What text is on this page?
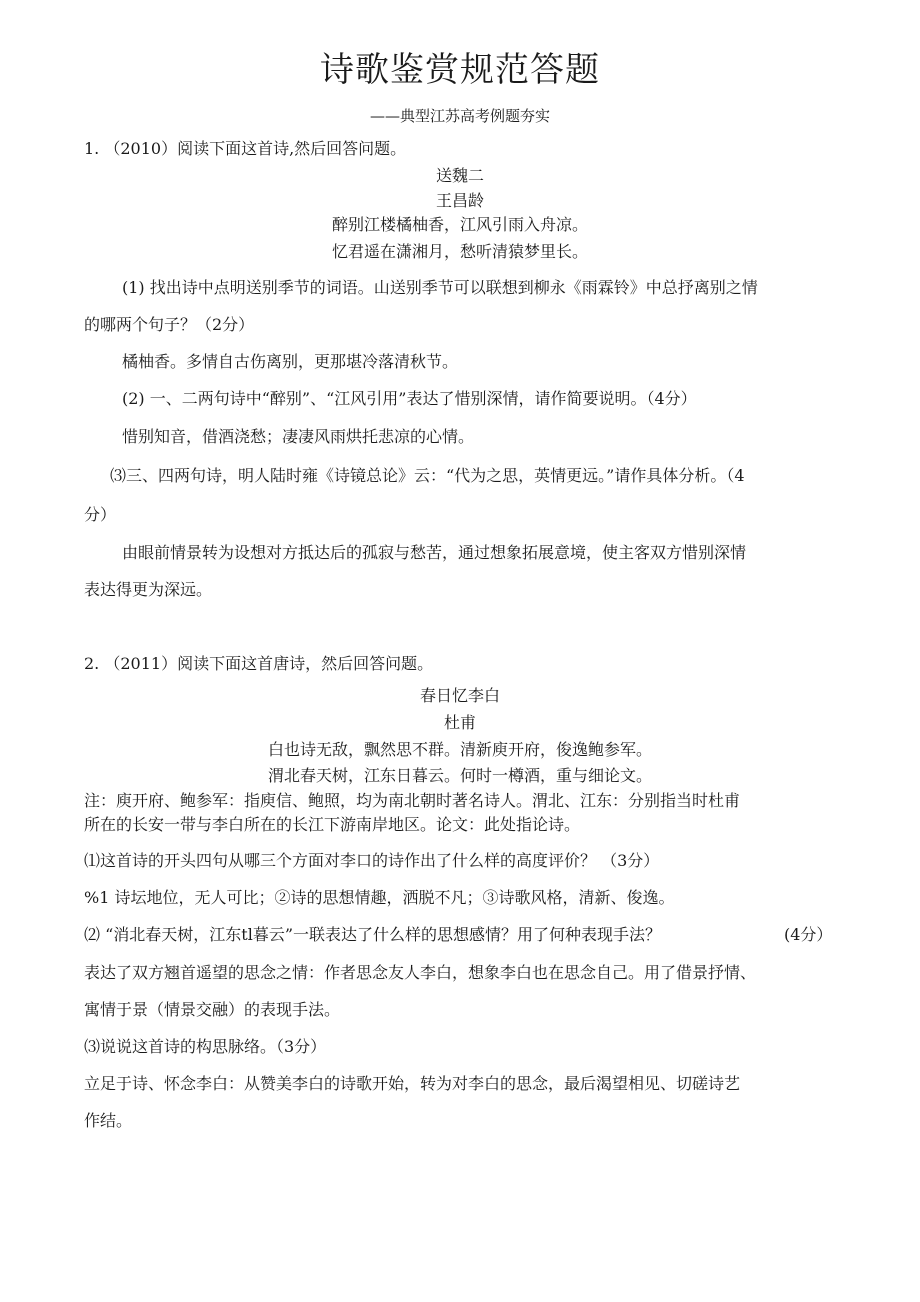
诗歌鉴赏规范答题
——典型江苏高考例题夯实
1. （2010）阅读下面这首诗,然后回答问题。
送魏二
王昌龄
醉别江楼橘柚香，江风引雨入舟凉。
忆君遥在潇湘月，愁听清猿梦里长。
(1) 找出诗中点明送别季节的词语。山送别季节可以联想到柳永《雨霖铃》中总抒离别之情
的哪两个句子？（2分）
橘柚香。多情自古伤离别，更那堪冷落清秋节。
(2) 一、二两句诗中“醉别”、“江风引用”表达了惜别深情，请作简要说明。（4分）
惜别知音，借酒浇愁；凄凄风雨烘托悲凉的心情。
⑶三、四两句诗，明人陆时雍《诗镜总论》云：“代为之思，英情更远。”请作具体分析。（4
分）
由眼前情景转为设想对方抵达后的孤寂与愁苦，通过想象拓展意境，使主客双方惜别深情
表达得更为深远。
2. （2011）阅读下面这首唐诗，然后回答问题。
春日忆李白
杜甫
白也诗无敌，飘然思不群。清新庾开府，俊逸鲍参军。
渭北春天树，江东日暮云。何时一樽酒，重与细论文。
注：庾开府、鲍参军：指庾信、鲍照，均为南北朝时著名诗人。渭北、江东：分别指当时杜甫
所在的长安一带与李白所在的长江下游南岸地区。论文：此处指论诗。
⑴这首诗的开头四句从哪三个方面对李口的诗作出了什么样的高度评价？ （3分）
%1 诗坛地位，无人可比；②诗的思想情趣，洒脱不凡；③诗歌风格，清新、俊逸。
⑵ “消北春天树，江东tl暮云”一联表达了什么样的思想感情？用了何种表现手法？	(4分）
表达了双方翘首遥望的思念之情：作者思念友人李白，想象李白也在思念自己。用了借景抒情、
寓情于景（情景交融）的表现手法。
⑶说说这首诗的构思脉络。（3分）
立足于诗、怀念李白：从赞美李白的诗歌开始，转为对李白的思念，最后渴望相见、切磋诗艺
作结。
